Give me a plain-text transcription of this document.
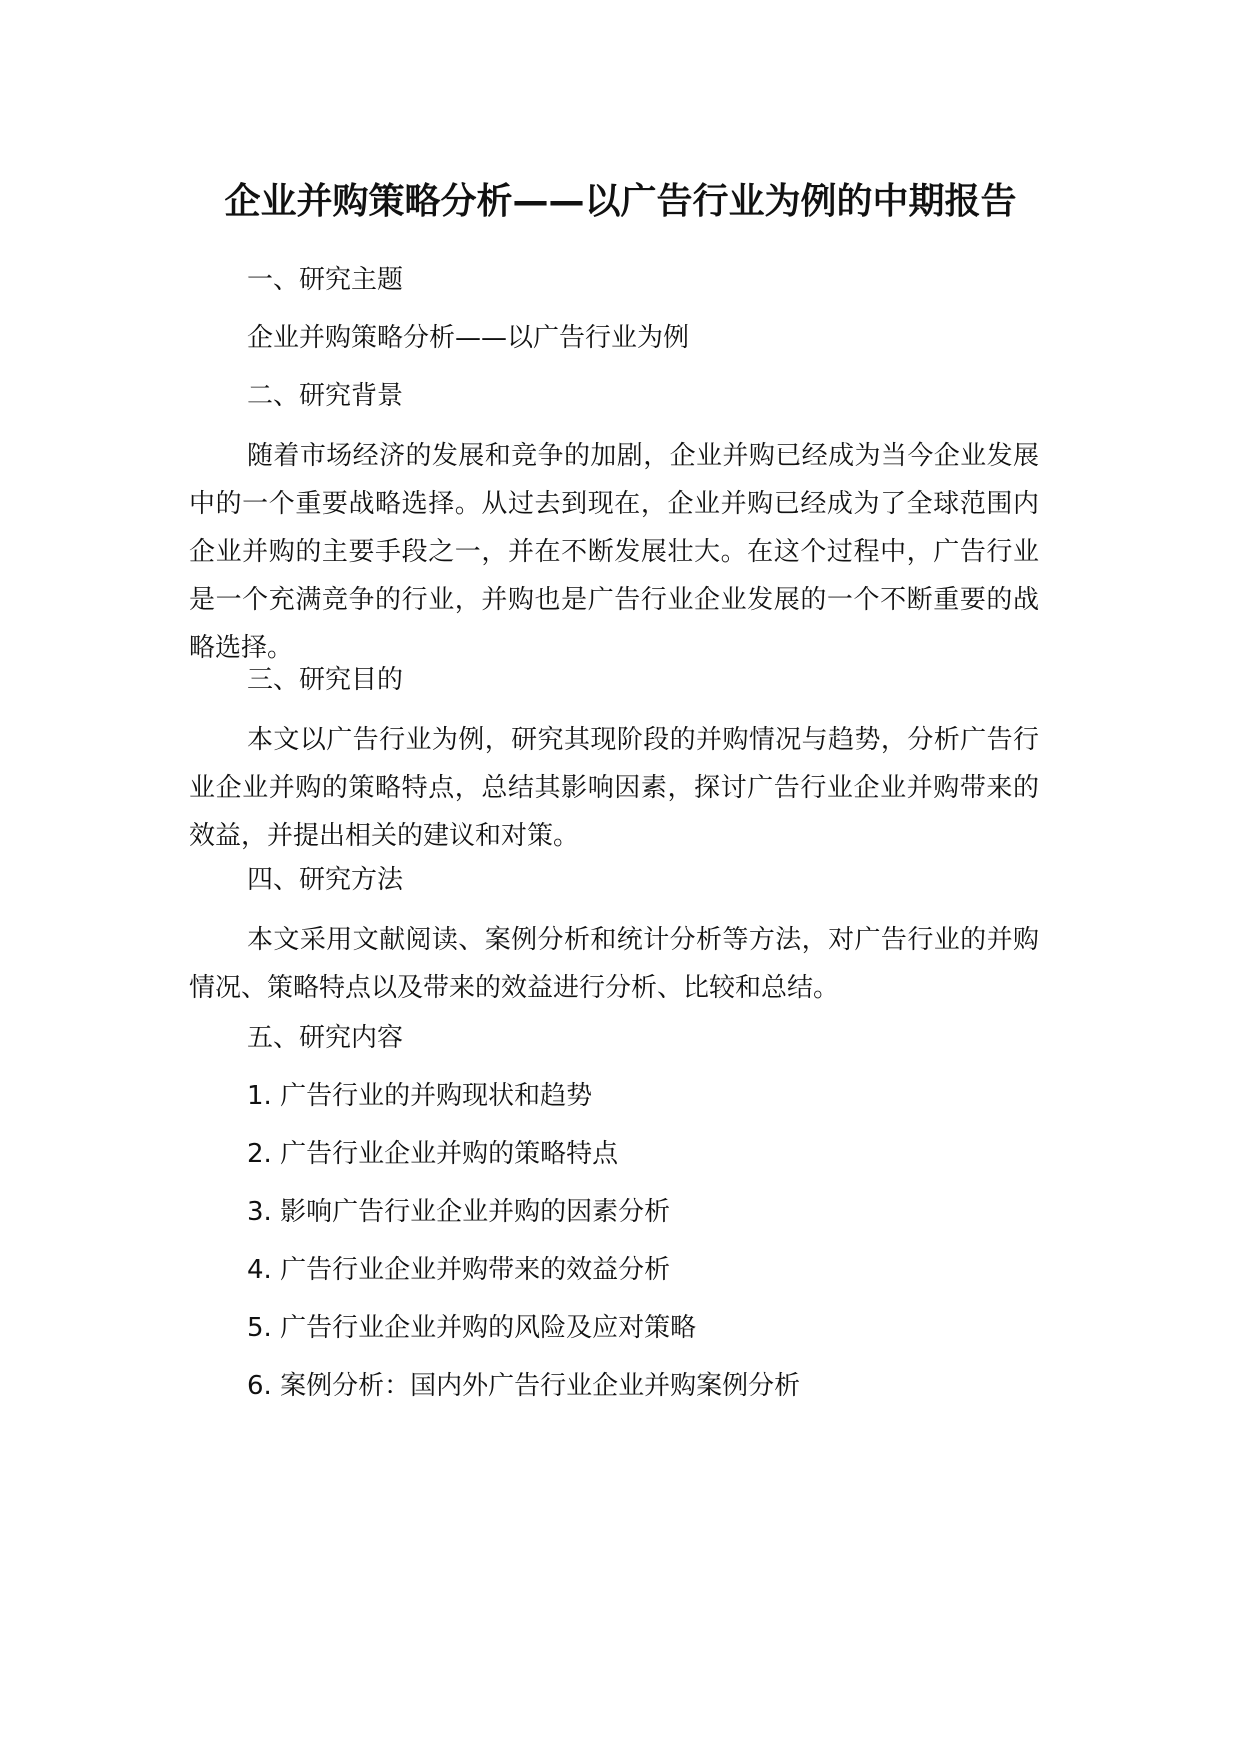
企业并购策略分析——以广告行业为例的中期报告

一、研究主题

企业并购策略分析——以广告行业为例

二、研究背景

随着市场经济的发展和竞争的加剧，企业并购已经成为当今企业发展中的一个重要战略选择。从过去到现在，企业并购已经成为了全球范围内企业并购的主要手段之一，并在不断发展壮大。在这个过程中，广告行业是一个充满竞争的行业，并购也是广告行业企业发展的一个不断重要的战略选择。

三、研究目的

本文以广告行业为例，研究其现阶段的并购情况与趋势，分析广告行业企业并购的策略特点，总结其影响因素，探讨广告行业企业并购带来的效益，并提出相关的建议和对策。

四、研究方法

本文采用文献阅读、案例分析和统计分析等方法，对广告行业的并购情况、策略特点以及带来的效益进行分析、比较和总结。

五、研究内容

1. 广告行业的并购现状和趋势

2. 广告行业企业并购的策略特点

3. 影响广告行业企业并购的因素分析

4. 广告行业企业并购带来的效益分析

5. 广告行业企业并购的风险及应对策略

6. 案例分析：国内外广告行业企业并购案例分析
